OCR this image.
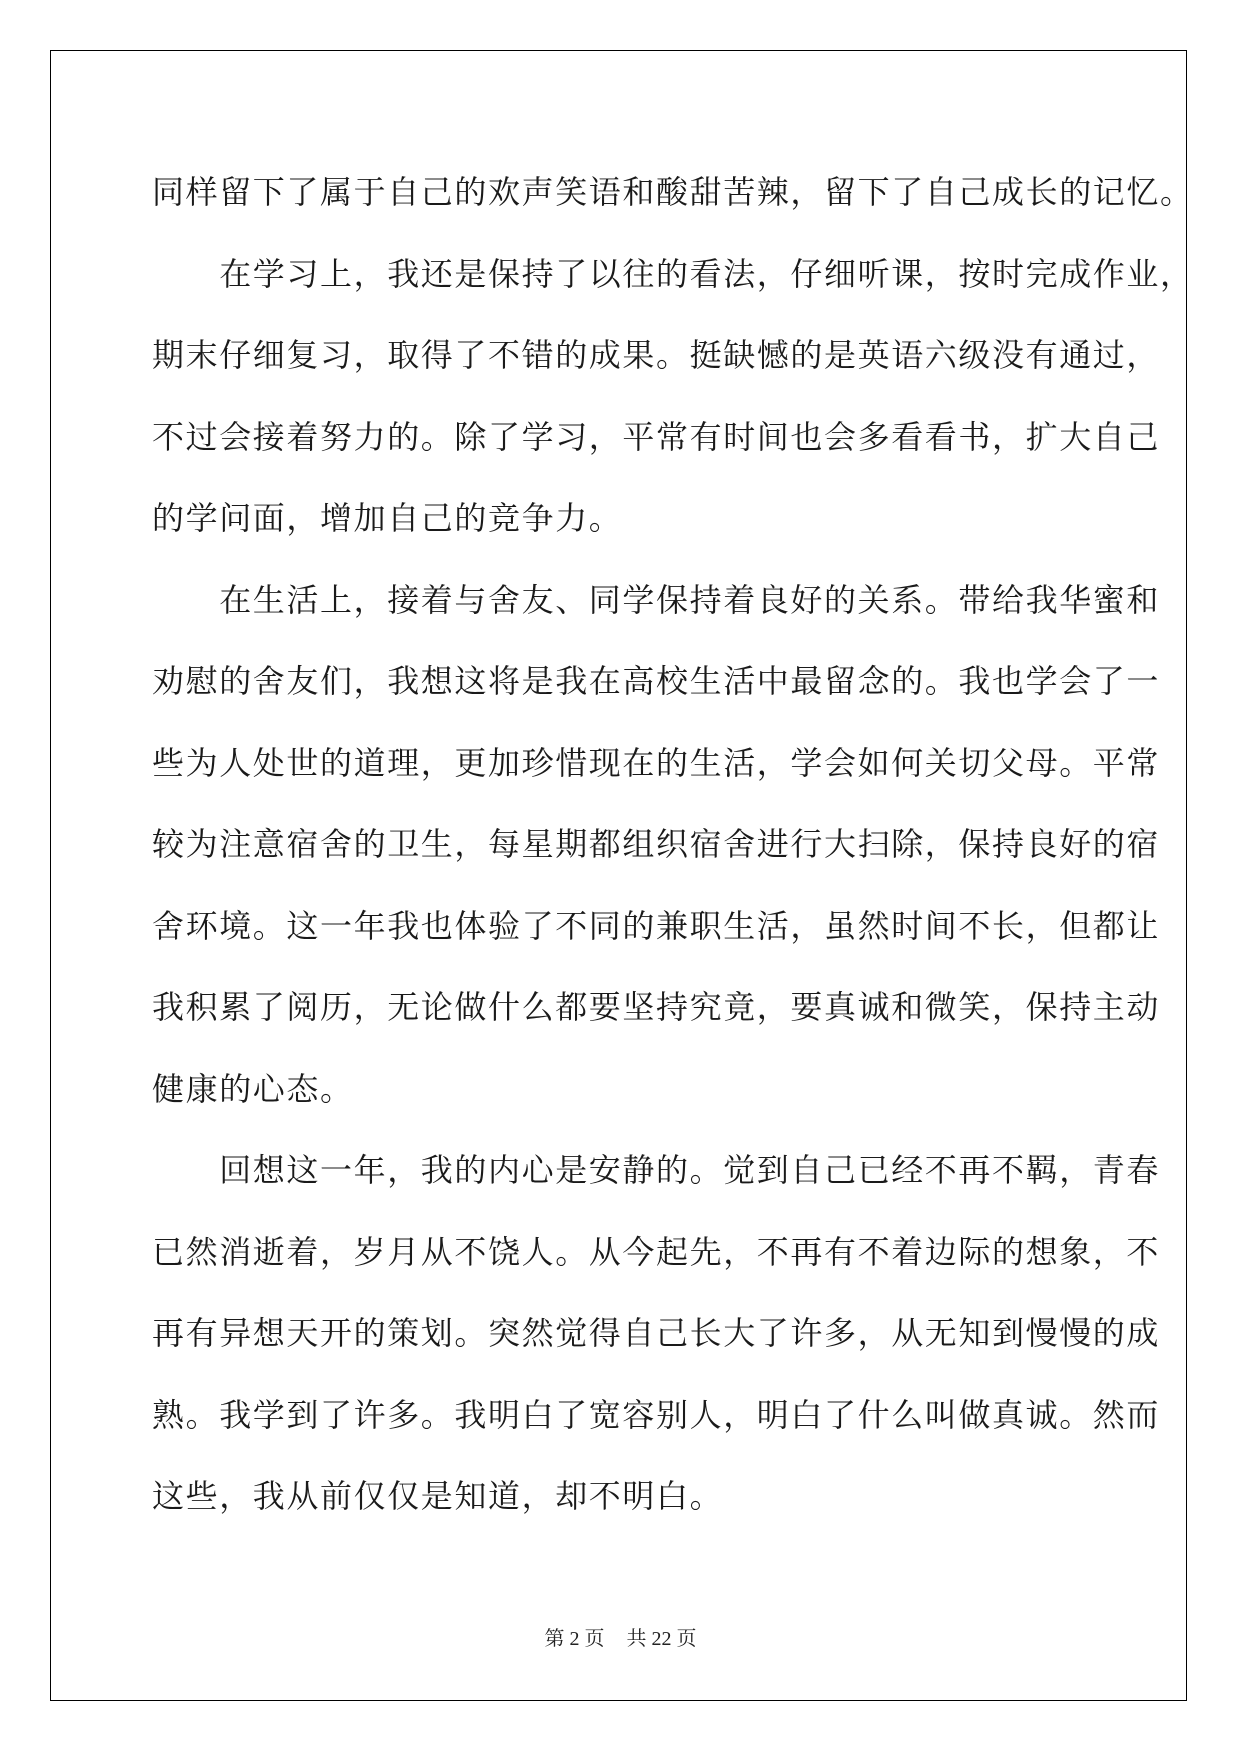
同样留下了属于自己的欢声笑语和酸甜苦辣，留下了自己成长的记忆。
　　在学习上，我还是保持了以往的看法，仔细听课，按时完成作业，
期末仔细复习，取得了不错的成果。挺缺憾的是英语六级没有通过，
不过会接着努力的。除了学习，平常有时间也会多看看书，扩大自己
的学问面，增加自己的竞争力。
　　在生活上，接着与舍友、同学保持着良好的关系。带给我华蜜和
劝慰的舍友们，我想这将是我在高校生活中最留念的。我也学会了一
些为人处世的道理，更加珍惜现在的生活，学会如何关切父母。平常
较为注意宿舍的卫生，每星期都组织宿舍进行大扫除，保持良好的宿
舍环境。这一年我也体验了不同的兼职生活，虽然时间不长，但都让
我积累了阅历，无论做什么都要坚持究竟，要真诚和微笑，保持主动
健康的心态。
　　回想这一年，我的内心是安静的。觉到自己已经不再不羁，青春
已然消逝着，岁月从不饶人。从今起先，不再有不着边际的想象，不
再有异想天开的策划。突然觉得自己长大了许多，从无知到慢慢的成
熟。我学到了许多。我明白了宽容别人，明白了什么叫做真诚。然而
这些，我从前仅仅是知道，却不明白。
第 2 页 共 22 页
